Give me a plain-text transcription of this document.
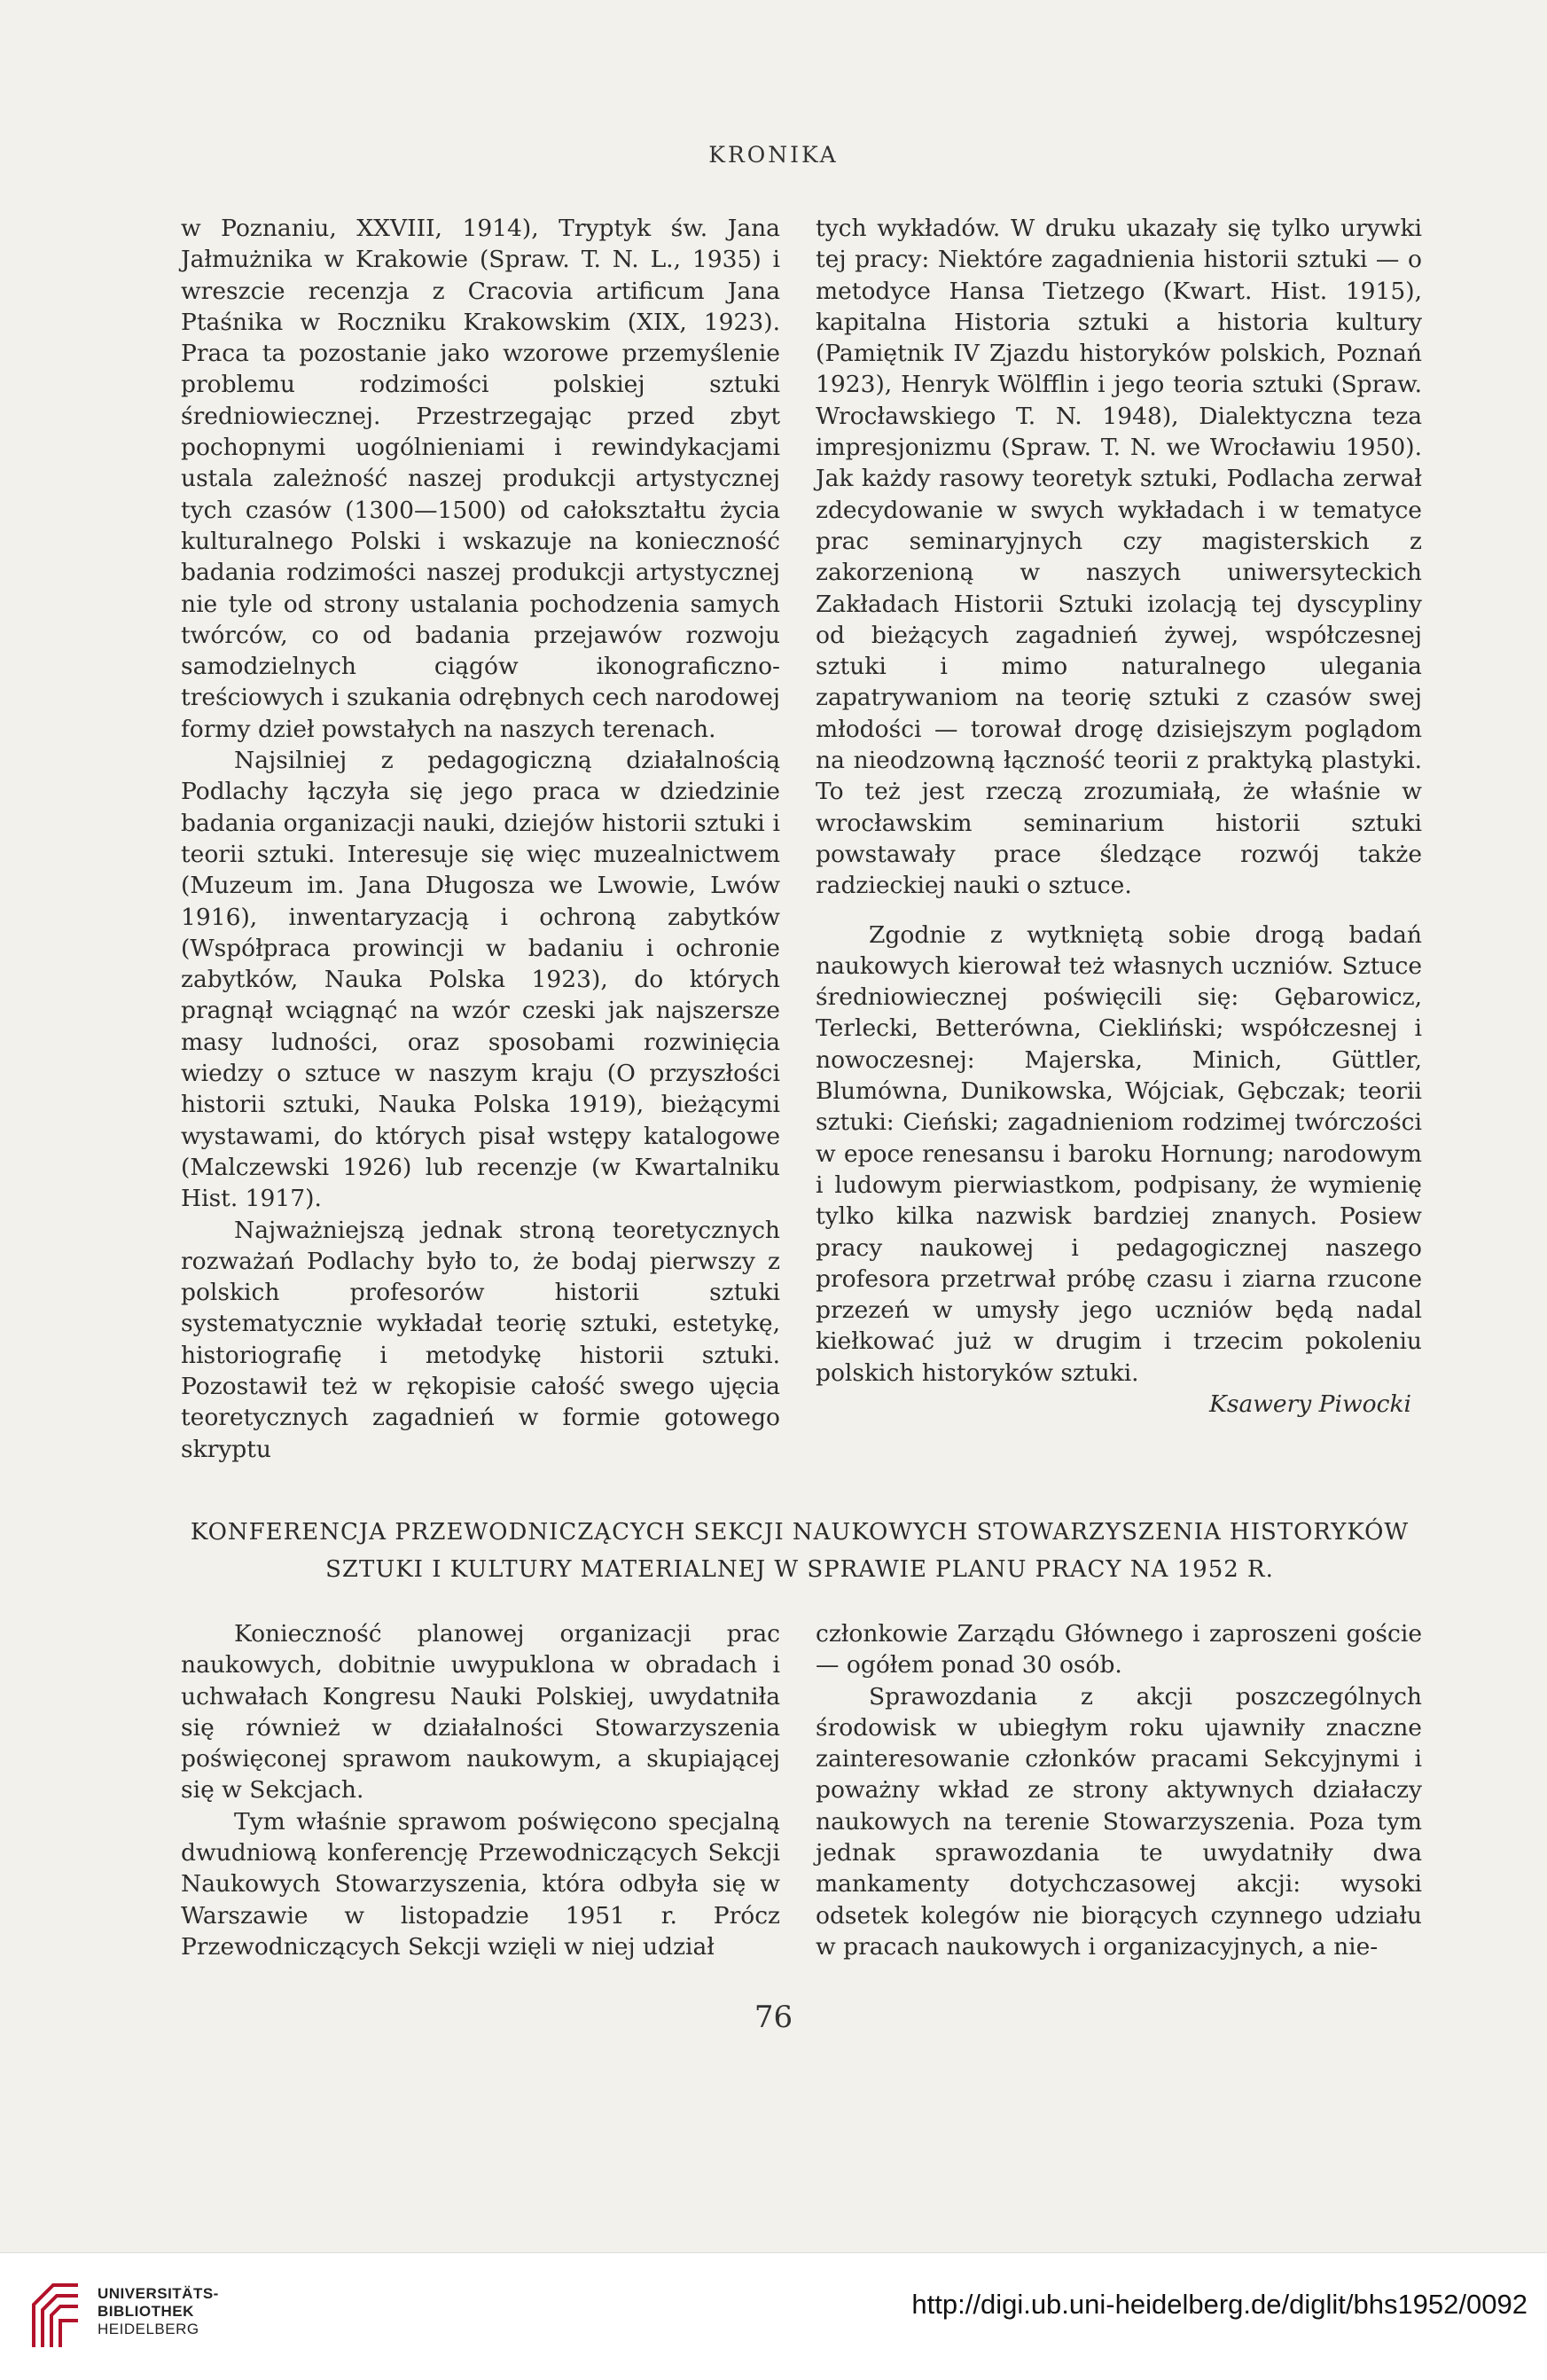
KRONIKA

w Poznaniu, XXVIII, 1914), Tryptyk św. Jana Jałmużnika w Krakowie (Spraw. T. N. L., 1935) i wreszcie recenzja z Cracovia artificum Jana Ptaśnika w Roczniku Krakowskim (XIX, 1923). Praca ta pozostanie jako wzorowe przemyślenie problemu rodzimości polskiej sztuki średniowiecznej. Przestrzegając przed zbyt pochopnymi uogólnieniami i rewindykacjami ustala zależność naszej produkcji artystycznej tych czasów (1300—1500) od całokształtu życia kulturalnego Polski i wskazuje na konieczność badania rodzimości naszej produkcji artystycznej nie tyle od strony ustalania pochodzenia samych twórców, co od badania przejawów rozwoju samodzielnych ciągów ikonograficzno-treściowych i szukania odrębnych cech narodowej formy dzieł powstałych na naszych terenach.

Najsilniej z pedagogiczną działalnością Podlachy łączyła się jego praca w dziedzinie badania organizacji nauki, dziejów historii sztuki i teorii sztuki. Interesuje się więc muzealnictwem (Muzeum im. Jana Długosza we Lwowie, Lwów 1916), inwentaryzacją i ochroną zabytków (Współpraca prowincji w badaniu i ochronie zabytków, Nauka Polska 1923), do których pragnął wciągnąć na wzór czeski jak najszersze masy ludności, oraz sposobami rozwinięcia wiedzy o sztuce w naszym kraju (O przyszłości historii sztuki, Nauka Polska 1919), bieżącymi wystawami, do których pisał wstępy katalogowe (Malczewski 1926) lub recenzje (w Kwartalniku Hist. 1917).

Najważniejszą jednak stroną teoretycznych rozważań Podlachy było to, że bodaj pierwszy z polskich profesorów historii sztuki systematycznie wykładał teorię sztuki, estetykę, historiografię i metodykę historii sztuki. Pozostawił też w rękopisie całość swego ujęcia teoretycznych zagadnień w formie gotowego skryptu

tych wykładów. W druku ukazały się tylko urywki tej pracy: Niektóre zagadnienia historii sztuki — o metodyce Hansa Tietzego (Kwart. Hist. 1915), kapitalna Historia sztuki a historia kultury (Pamiętnik IV Zjazdu historyków polskich, Poznań 1923), Henryk Wölfflin i jego teoria sztuki (Spraw. Wrocławskiego T. N. 1948), Dialektyczna teza impresjonizmu (Spraw. T. N. we Wrocławiu 1950). Jak każdy rasowy teoretyk sztuki, Podlacha zerwał zdecydowanie w swych wykładach i w tematyce prac seminaryjnych czy magisterskich z zakorzenioną w naszych uniwersyteckich Zakładach Historii Sztuki izolacją tej dyscypliny od bieżących zagadnień żywej, współczesnej sztuki i mimo naturalnego ulegania zapatrywaniom na teorię sztuki z czasów swej młodości — torował drogę dzisiejszym poglądom na nieodzowną łączność teorii z praktyką plastyki. To też jest rzeczą zrozumiałą, że właśnie w wrocławskim seminarium historii sztuki powstawały prace śledzące rozwój także radzieckiej nauki o sztuce.

Zgodnie z wytkniętą sobie drogą badań naukowych kierował też własnych uczniów. Sztuce średniowiecznej poświęcili się: Gębarowicz, Terlecki, Betterówna, Ciekliński; współczesnej i nowoczesnej: Majerska, Minich, Güttler, Blumówna, Dunikowska, Wójciak, Gębczak; teorii sztuki: Cieński; zagadnieniom rodzimej twórczości w epoce renesansu i baroku Hornung; narodowym i ludowym pierwiastkom, podpisany, że wymienię tylko kilka nazwisk bardziej znanych. Posiew pracy naukowej i pedagogicznej naszego profesora przetrwał próbę czasu i ziarna rzucone przezeń w umysły jego uczniów będą nadal kiełkować już w drugim i trzecim pokoleniu polskich historyków sztuki.

Ksawery Piwocki

KONFERENCJA PRZEWODNICZĄCYCH SEKCJI NAUKOWYCH STOWARZYSZENIA HISTORYKÓW
SZTUKI I KULTURY MATERIALNEJ W SPRAWIE PLANU PRACY NA 1952 R.

Konieczność planowej organizacji prac naukowych, dobitnie uwypuklona w obradach i uchwałach Kongresu Nauki Polskiej, uwydatniła się również w działalności Stowarzyszenia poświęconej sprawom naukowym, a skupiającej się w Sekcjach.

Tym właśnie sprawom poświęcono specjalną dwudniową konferencję Przewodniczących Sekcji Naukowych Stowarzyszenia, która odbyła się w Warszawie w listopadzie 1951 r. Prócz Przewodniczących Sekcji wzięli w niej udział

członkowie Zarządu Głównego i zaproszeni goście — ogółem ponad 30 osób.

Sprawozdania z akcji poszczególnych środowisk w ubiegłym roku ujawniły znaczne zainteresowanie członków pracami Sekcyjnymi i poważny wkład ze strony aktywnych działaczy naukowych na terenie Stowarzyszenia. Poza tym jednak sprawozdania te uwydatniły dwa mankamenty dotychczasowej akcji: wysoki odsetek kolegów nie biorących czynnego udziału w pracach naukowych i organizacyjnych, a nie-

76
UNIVERSITÄTS-
BIBLIOTHEK
HEIDELBERG
http://digi.ub.uni-heidelberg.de/diglit/bhs1952/0092
